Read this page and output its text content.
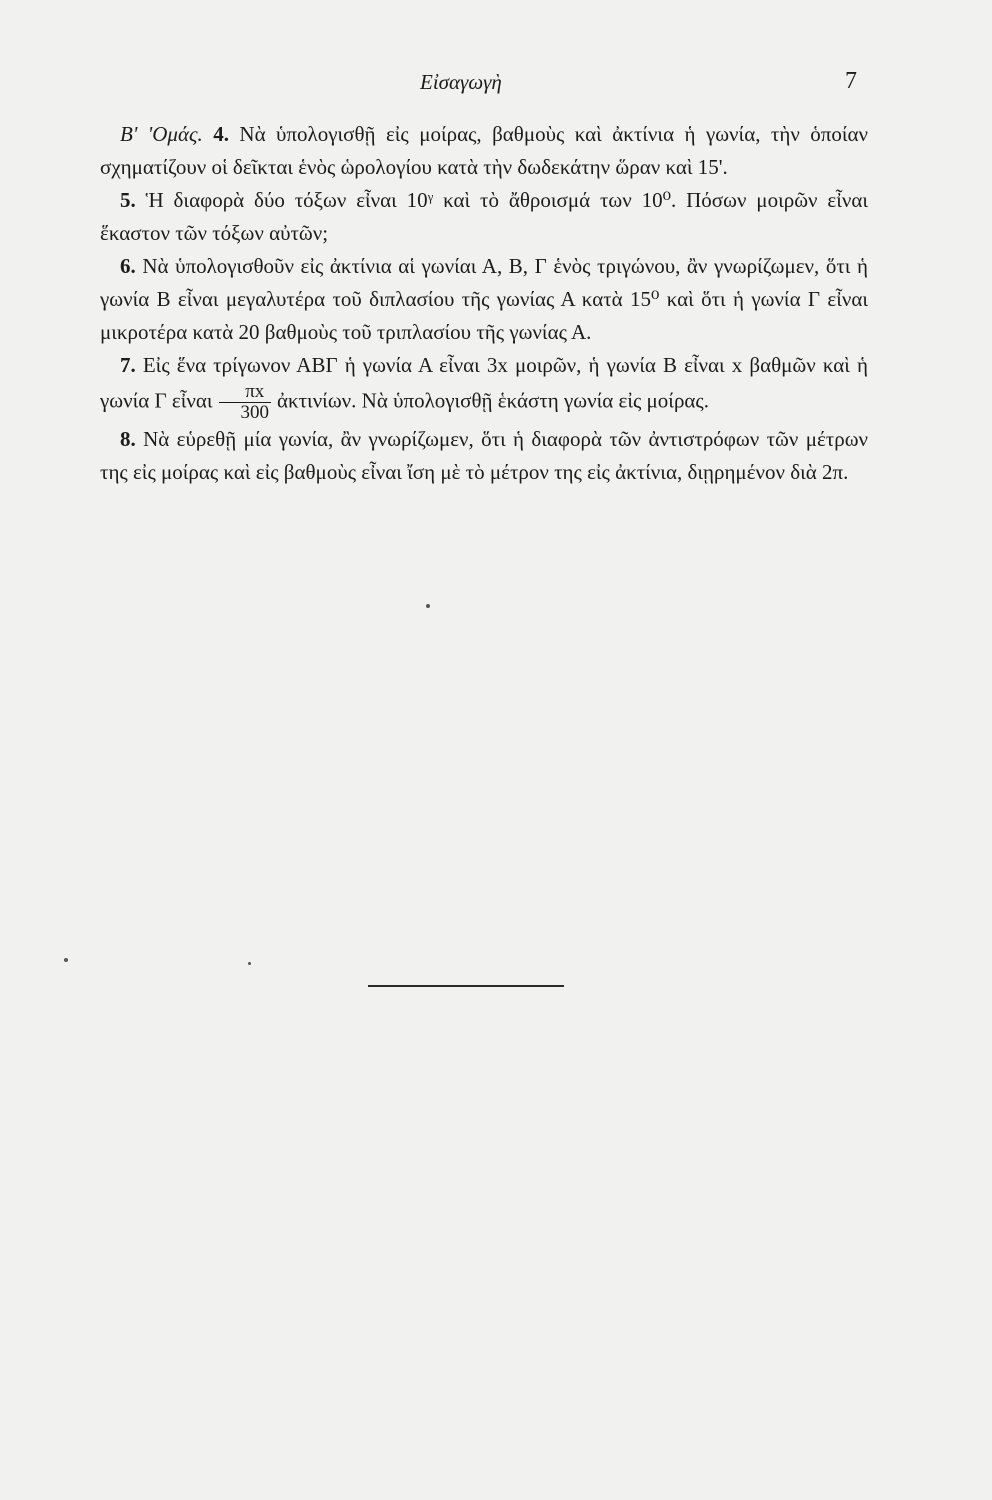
Εἰσαγωγὴ	7

Β' 'Ομάς. 4. Νὰ ὑπολογισθῇ εἰς μοίρας, βαθμοὺς καὶ ἀκτίνια ἡ γωνία, τὴν ὁποίαν σχηματίζουν οἱ δεῖκται ἑνὸς ὡρολογίου κατὰ τὴν δωδεκάτην ὥραν καὶ 15'.

5. Ἡ διαφορὰ δύο τόξων εἶναι 10ᵞ καὶ τὸ ἄθροισμά των 10⁰. Πόσων μοιρῶν εἶναι ἕκαστον τῶν τόξων αὐτῶν;

6. Νὰ ὑπολογισθοῦν εἰς ἀκτίνια αἱ γωνίαι Α, Β, Γ ἑνὸς τριγώνου, ἂν γνωρίζωμεν, ὅτι ἡ γωνία Β εἶναι μεγαλυτέρα τοῦ διπλασίου τῆς γωνίας Α κατὰ 15⁰ καὶ ὅτι ἡ γωνία Γ εἶναι μικροτέρα κατὰ 20 βαθμοὺς τοῦ τριπλασίου τῆς γωνίας Α.

7. Εἰς ἕνα τρίγωνον ΑΒΓ ἡ γωνία Α εἶναι 3x μοιρῶν, ἡ γωνία Β εἶναι x βαθμῶν καὶ ἡ γωνία Γ εἶναι $\frac{\pi x}{300}$ ἀκτινίων. Νὰ ὑπολογισθῇ ἑκάστη γωνία εἰς μοίρας.

8. Νὰ εὑρεθῇ μία γωνία, ἂν γνωρίζωμεν, ὅτι ἡ διαφορὰ τῶν ἀντιστρόφων τῶν μέτρων της εἰς μοίρας καὶ εἰς βαθμοὺς εἶναι ἴση μὲ τὸ μέτρον της εἰς ἀκτίνια, διῃρημένον διὰ 2π.
